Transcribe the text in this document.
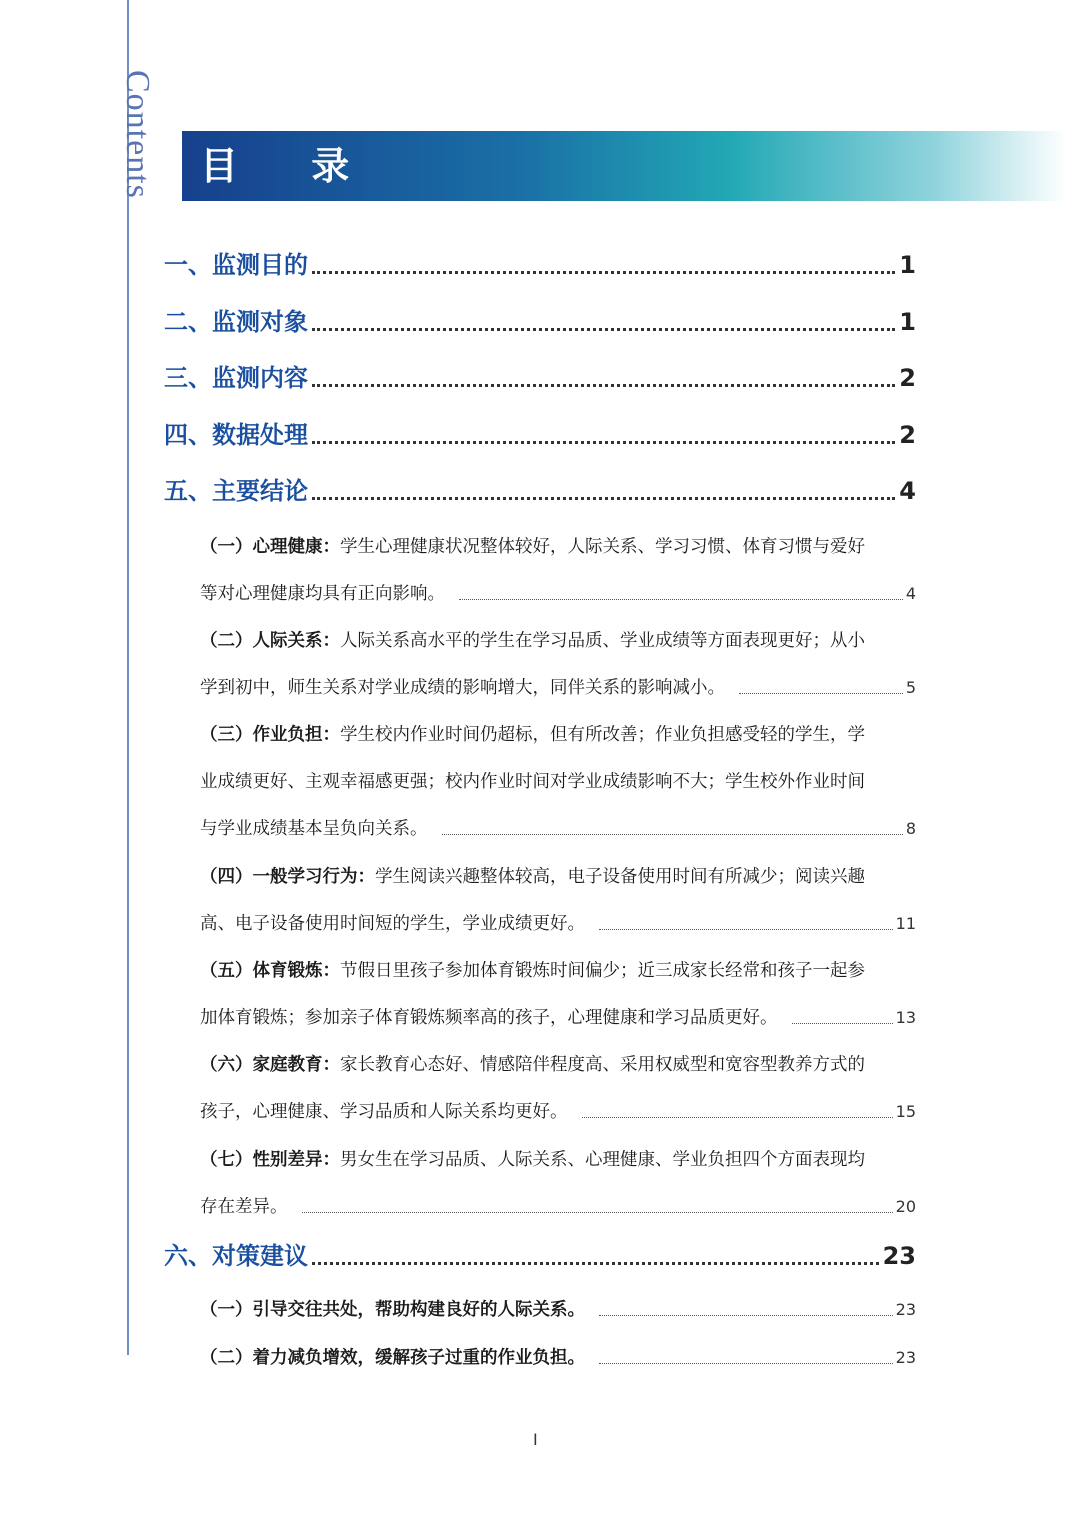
Contents 目 录
一、监测目的	1
二、监测对象	1
三、监测内容	2
四、数据处理	2
五、主要结论	4
（一）心理健康：学生心理健康状况整体较好，人际关系、学习习惯、体育习惯与爱好
等对心理健康均具有正向影响。	4
（二）人际关系：人际关系高水平的学生在学习品质、学业成绩等方面表现更好；从小
学到初中，师生关系对学业成绩的影响增大，同伴关系的影响减小。	5
（三）作业负担：学生校内作业时间仍超标，但有所改善；作业负担感受轻的学生，学
业成绩更好、主观幸福感更强；校内作业时间对学业成绩影响不大；学生校外作业时间
与学业成绩基本呈负向关系。	8
（四）一般学习行为：学生阅读兴趣整体较高，电子设备使用时间有所减少；阅读兴趣
高、电子设备使用时间短的学生，学业成绩更好。	11
（五）体育锻炼：节假日里孩子参加体育锻炼时间偏少；近三成家长经常和孩子一起参
加体育锻炼；参加亲子体育锻炼频率高的孩子，心理健康和学习品质更好。	13
（六）家庭教育：家长教育心态好、情感陪伴程度高、采用权威型和宽容型教养方式的
孩子，心理健康、学习品质和人际关系均更好。	15
（七）性别差异：男女生在学习品质、人际关系、心理健康、学业负担四个方面表现均
存在差异。	20
六、对策建议	23
（一）引导交往共处，帮助构建良好的人际关系。	23
（二）着力减负增效，缓解孩子过重的作业负担。	23
I
